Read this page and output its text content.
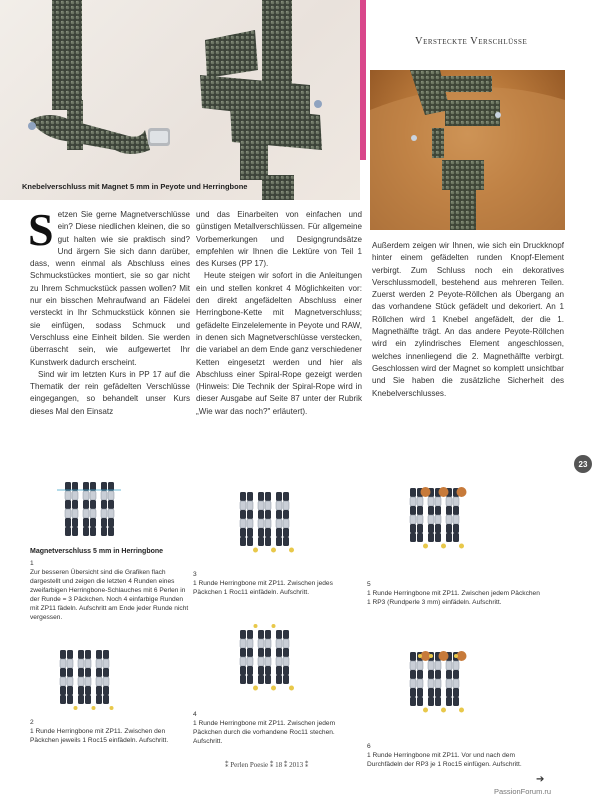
Knebelverschluss mit Magnet 5 mm in Peyote und Herringbone
Versteckte Verschlüsse
Setzen Sie gerne Magnetverschlüsse ein? Diese niedlichen kleinen, die so gut halten wie sie praktisch sind? Und ärgern Sie sich dann darüber, dass, wenn einmal als Abschluss eines Schmuckstückes montiert, sie so gar nicht zu Ihrem Schmuckstück passen wollen? Mit nur ein bisschen Mehraufwand an Fädelei versteckt in Ihr Schmuckstück können sie sie einfügen, sodass Schmuck und Verschluss eine Einheit bilden. Sie werden überrascht sein, wie aufgewertet Ihr Kunstwerk dadurch erscheint.
Sind wir im letzten Kurs in PP 17 auf die Thematik der rein gefädelten Verschlüsse eingegangen, so behandelt unser Kurs dieses Mal den Einsatz
und das Einarbeiten von einfachen und günstigen Metallverschlüssen. Für allgemeine Vorbemerkungen und Designgrundsätze empfehlen wir Ihnen die Lektüre von Teil 1 des Kurses (PP 17).
Heute steigen wir sofort in die Anleitungen ein und stellen konkret 4 Möglichkeiten vor: den direkt angefädelten Abschluss einer Herringbone-Kette mit Magnetverschluss; gefädelte Einzelelemente in Peyote und RAW, in denen sich Magnetverschlüsse verstecken, die variabel an dem Ende ganz verschiedener Ketten eingesetzt werden und hier als Abschluss einer Spiral-Rope gezeigt werden (Hinweis: Die Technik der Spiral-Rope wird in dieser Ausgabe auf Seite 87 unter der Rubrik „Wie war das noch?" erläutert).
Außerdem zeigen wir Ihnen, wie sich ein Druckknopf hinter einem gefädelten runden Knopf-Element verbirgt. Zum Schluss noch ein dekoratives Verschlussmodell, bestehend aus mehreren Teilen. Zuerst werden 2 Peyote-Röllchen als Übergang an das vorhandene Stück gefädelt und dekoriert. An 1 Röllchen wird 1 Knebel angefädelt, der die 1. Magnethälfte trägt. An das andere Peyote-Röllchen wird ein zylindrisches Element angeschlossen, welches innenliegend die 2. Magnethälfte verbirgt. Geschlossen wird der Magnet so komplett unsichtbar und Sie haben die zusätzliche Sicherheit des Knebelverschlusses.
23
Magnetverschluss 5 mm in Herringbone
1
Zur besseren Übersicht sind die Grafiken flach dargestellt und zeigen die letzten 4 Runden eines zweifarbigen Herringbone-Schlauches mit 6 Perlen in der Runde = 3 Päckchen. Noch 4 einfarbige Runden mit ZP11 fädeln. Aufschritt am Ende jeder Runde nicht vergessen.
2
1 Runde Herringbone mit ZP11. Zwischen den Päckchen jeweils 1 Roc15 einfädeln. Aufschritt.
3
1 Runde Herringbone mit ZP11. Zwischen jedes Päckchen 1 Roc11 einfädeln. Aufschritt.
4
1 Runde Herringbone mit ZP11. Zwischen jedem Päckchen durch die vorhandene Roc11 stechen. Aufschritt.
5
1 Runde Herringbone mit ZP11. Zwischen jedem Päckchen 1 RP3 (Rundperle 3 mm) einfädeln. Aufschritt.
6
1 Runde Herringbone mit ZP11. Vor und nach dem Durchfädeln der RP3 je 1 Roc15 einfügen. Aufschritt.
⁑ Perlen Poesie ⁑ 18 ⁑ 2013 ⁑
➔
PassionForum.ru
